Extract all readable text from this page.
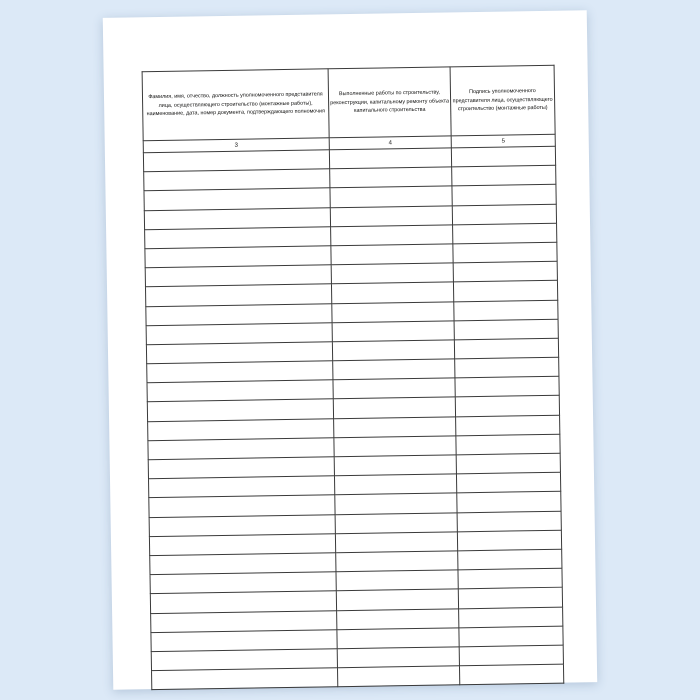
Фамилия, имя, отчество, должность уполномоченного представителя лица, осуществляющего строительство (монтажные работы), наименование, дата, номер документа, подтверждающего полномочия	Выполненные работы по строительству, реконструкции, капитальному ремонту объекта капитального строительства	Подпись уполномоченного представителя лица, осуществляющего строительство (монтажные работы)
3	4	5
